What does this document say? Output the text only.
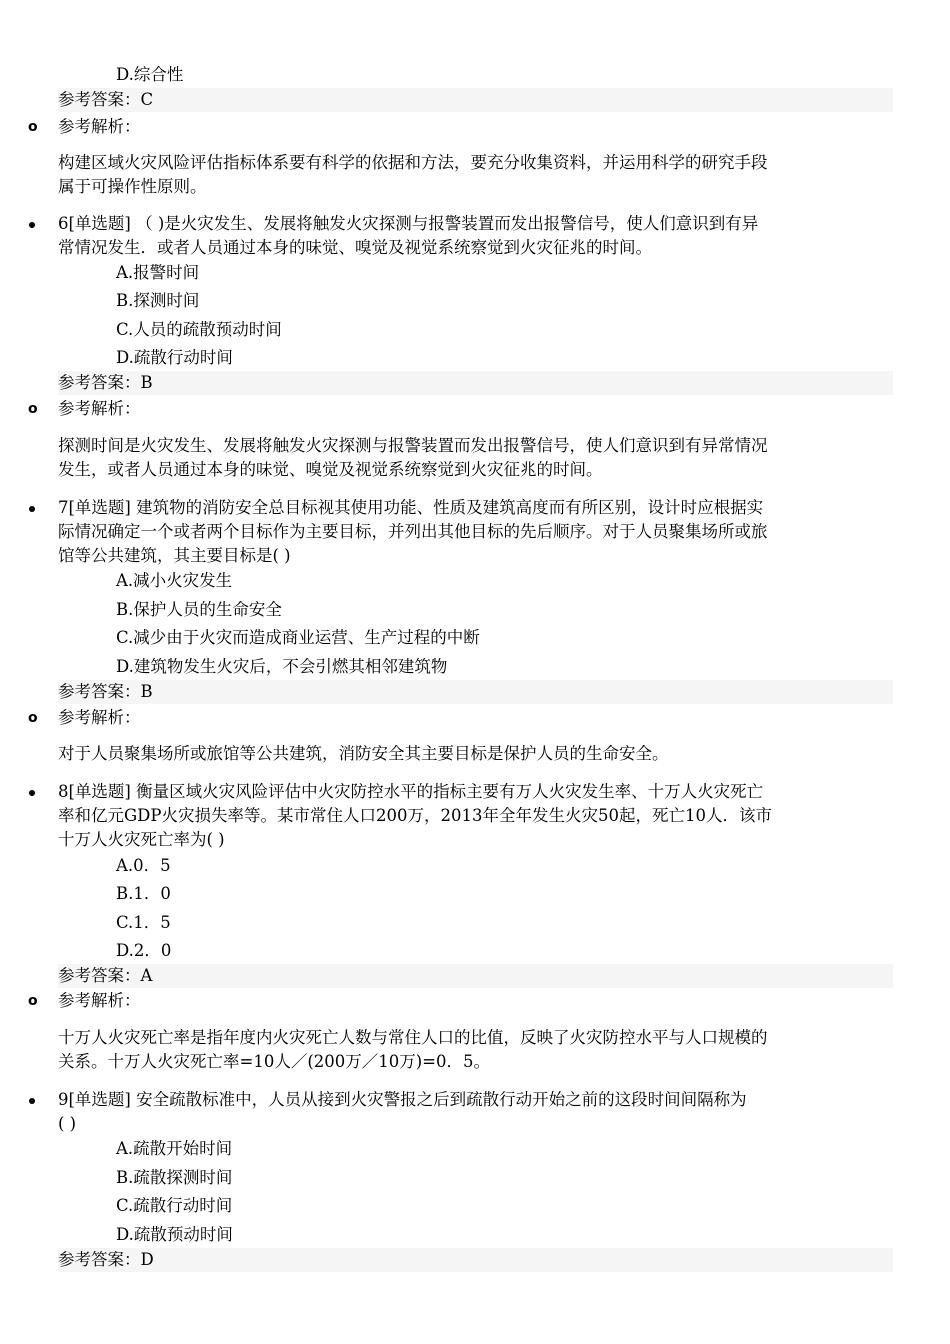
D.综合性
参考答案：C
o 参考解析：
构建区域火灾风险评估指标体系要有科学的依据和方法，要充分收集资料，并运用科学的研究手段
属于可操作性原则。
6[单选题] （ )是火灾发生、发展将触发火灾探测与报警装置而发出报警信号，使人们意识到有异
常情况发生．或者人员通过本身的味觉、嗅觉及视觉系统察觉到火灾征兆的时间。
A.报警时间
B.探测时间
C.人员的疏散预动时间
D.疏散行动时间
参考答案：B
o 参考解析：
探测时间是火灾发生、发展将触发火灾探测与报警装置而发出报警信号，使人们意识到有异常情况
发生，或者人员通过本身的味觉、嗅觉及视觉系统察觉到火灾征兆的时间。
7[单选题] 建筑物的消防安全总目标视其使用功能、性质及建筑高度而有所区别，设计时应根据实
际情况确定一个或者两个目标作为主要目标，并列出其他目标的先后顺序。对于人员聚集场所或旅
馆等公共建筑，其主要目标是( )
A.减小火灾发生
B.保护人员的生命安全
C.减少由于火灾而造成商业运营、生产过程的中断
D.建筑物发生火灾后，不会引燃其相邻建筑物
参考答案：B
o 参考解析：
对于人员聚集场所或旅馆等公共建筑，消防安全其主要目标是保护人员的生命安全。
8[单选题] 衡量区域火灾风险评估中火灾防控水平的指标主要有万人火灾发生率、十万人火灾死亡
率和亿元GDP火灾损失率等。某市常住人口200万，2013年全年发生火灾50起，死亡10人．该市
十万人火灾死亡率为( )
A.0．5
B.1．0
C.1．5
D.2．0
参考答案：A
o 参考解析：
十万人火灾死亡率是指年度内火灾死亡人数与常住人口的比值，反映了火灾防控水平与人口规模的
关系。十万人火灾死亡率=10人／(200万／10万)=0．5。
9[单选题] 安全疏散标准中，人员从接到火灾警报之后到疏散行动开始之前的这段时间间隔称为
( )
A.疏散开始时间
B.疏散探测时间
C.疏散行动时间
D.疏散预动时间
参考答案：D
